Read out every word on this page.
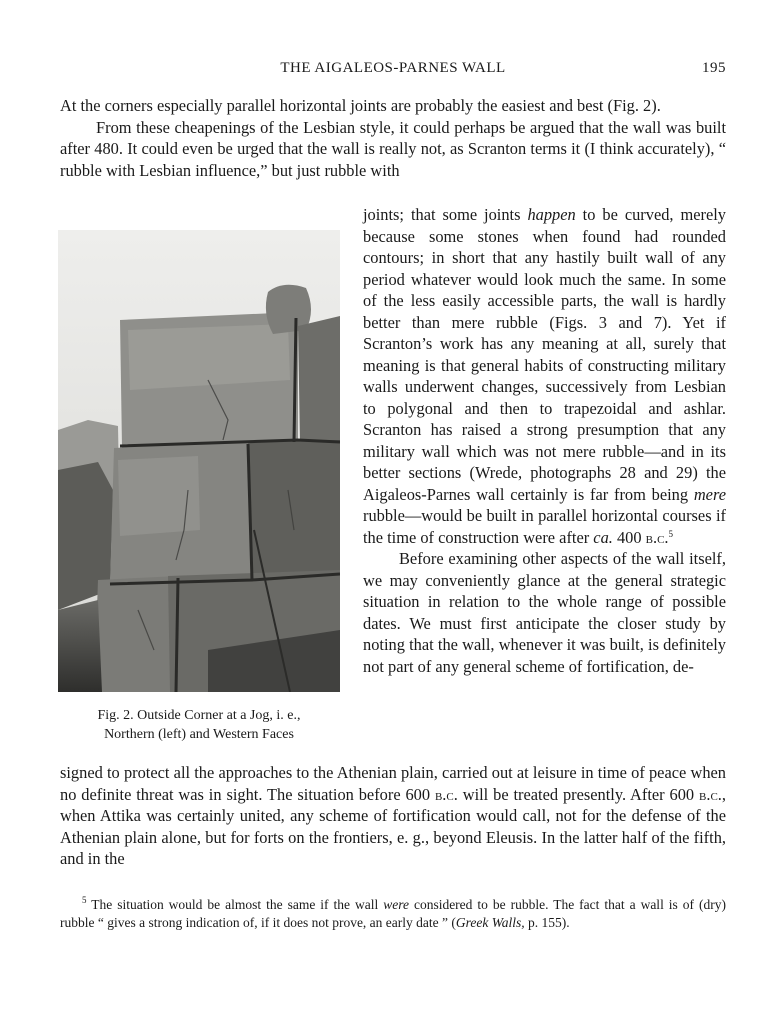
THE AIGALEOS-PARNES WALL	195

At the corners especially parallel horizontal joints are probably the easiest and best (Fig. 2).

From these cheapenings of the Lesbian style, it could perhaps be argued that the wall was built after 480. It could even be urged that the wall is really not, as Scranton terms it (I think accurately), “ rubble with Lesbian influence,” but just rubble with

Fig. 2. Outside Corner at a Jog, i. e.,
Northern (left) and Western Faces

joints; that some joints happen to be curved, merely because some stones when found had rounded contours; in short that any hastily built wall of any period whatever would look much the same. In some of the less easily accessible parts, the wall is hardly better than mere rubble (Figs. 3 and 7). Yet if Scranton’s work has any meaning at all, surely that meaning is that general habits of constructing military walls underwent changes, successively from Lesbian to polygonal and then to trapezoidal and ashlar. Scranton has raised a strong presumption that any military wall which was not mere rubble—and in its better sections (Wrede, photographs 28 and 29) the Aigaleos-Parnes wall certainly is far from being mere rubble—would be built in parallel horizontal courses if the time of construction were after ca. 400 b.c.$^5$

Before examining other aspects of the wall itself, we may conveniently glance at the general strategic situation in relation to the whole range of possible dates. We must first anticipate the closer study by noting that the wall, whenever it was built, is definitely not part of any general scheme of fortification, de-

signed to protect all the approaches to the Athenian plain, carried out at leisure in time of peace when no definite threat was in sight. The situation before 600 b.c. will be treated presently. After 600 b.c., when Attika was certainly united, any scheme of fortification would call, not for the defense of the Athenian plain alone, but for forts on the frontiers, e. g., beyond Eleusis. In the latter half of the fifth, and in the

$^5$ The situation would be almost the same if the wall were considered to be rubble. The fact that a wall is of (dry) rubble “ gives a strong indication of, if it does not prove, an early date ” (Greek Walls, p. 155).
